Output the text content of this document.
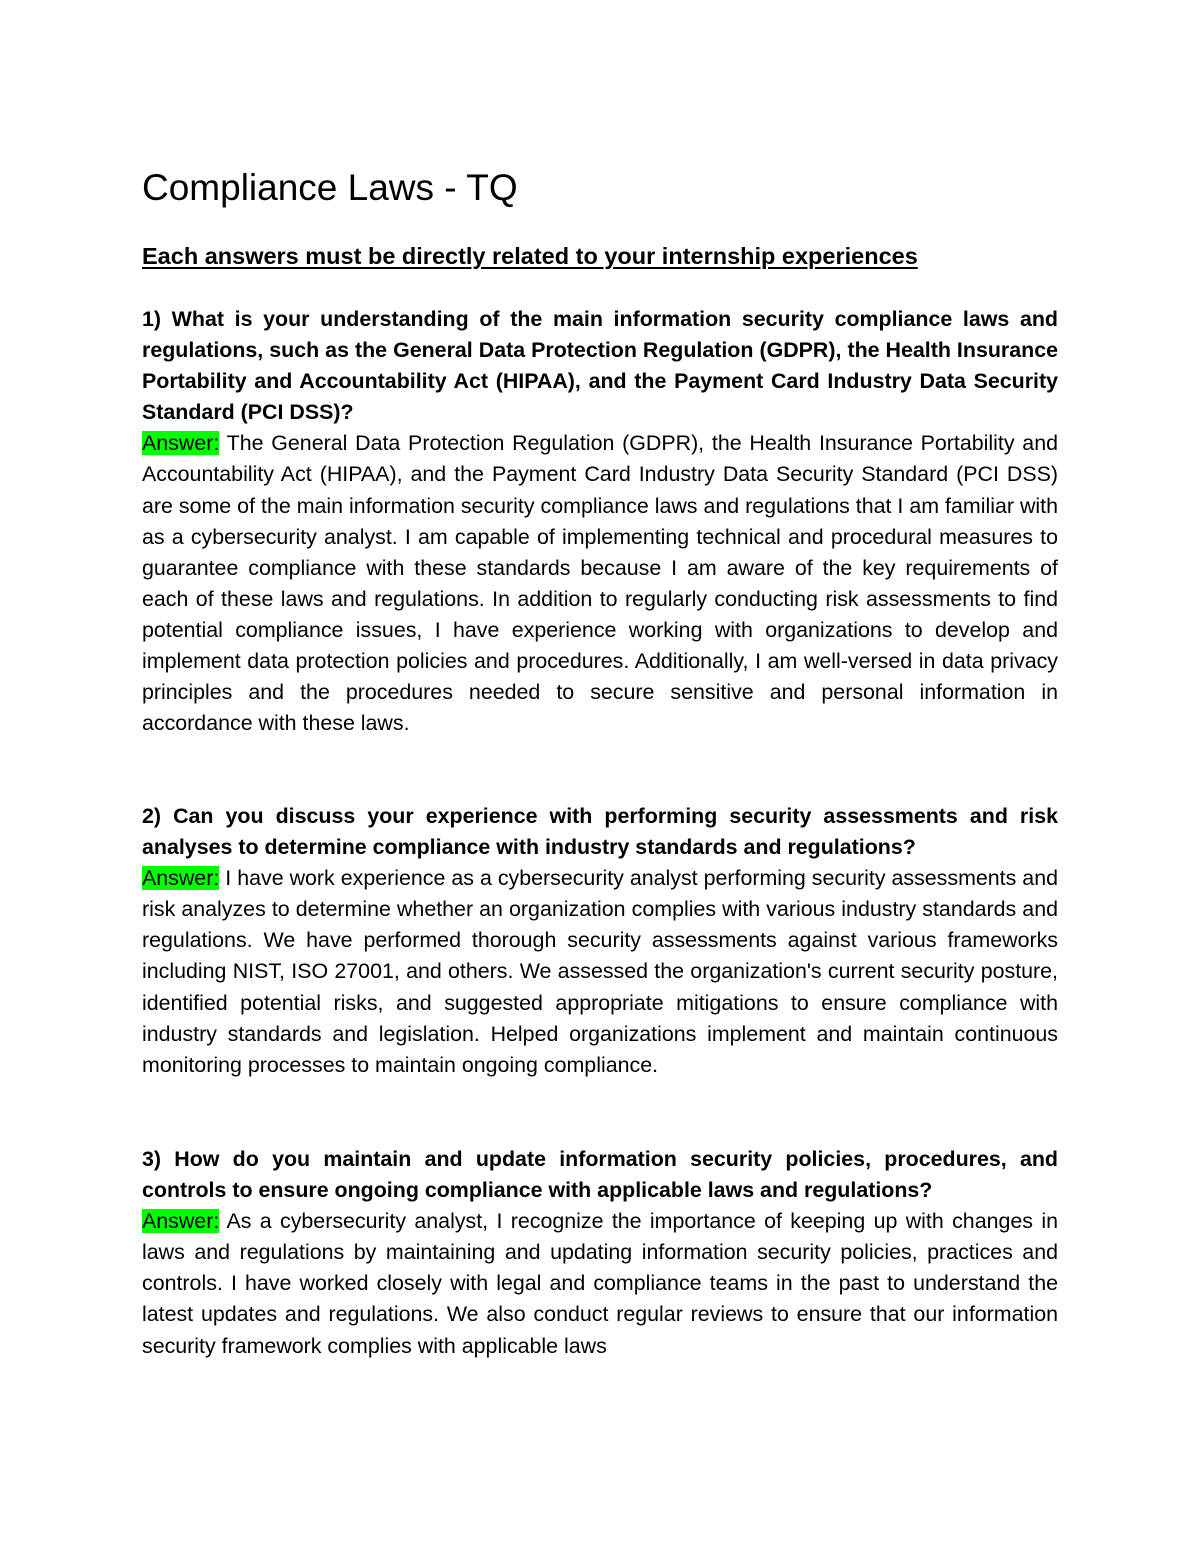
Compliance Laws - TQ
Each answers must be directly related to your internship experiences

1) What is your understanding of the main information security compliance laws and regulations, such as the General Data Protection Regulation (GDPR), the Health Insurance Portability and Accountability Act (HIPAA), and the Payment Card Industry Data Security Standard (PCI DSS)?

Answer: The General Data Protection Regulation (GDPR), the Health Insurance Portability and Accountability Act (HIPAA), and the Payment Card Industry Data Security Standard (PCI DSS) are some of the main information security compliance laws and regulations that I am familiar with as a cybersecurity analyst. I am capable of implementing technical and procedural measures to guarantee compliance with these standards because I am aware of the key requirements of each of these laws and regulations. In addition to regularly conducting risk assessments to find potential compliance issues, I have experience working with organizations to develop and implement data protection policies and procedures. Additionally, I am well-versed in data privacy principles and the procedures needed to secure sensitive and personal information in accordance with these laws.

2) Can you discuss your experience with performing security assessments and risk analyses to determine compliance with industry standards and regulations?

Answer: I have work experience as a cybersecurity analyst performing security assessments and risk analyzes to determine whether an organization complies with various industry standards and regulations. We have performed thorough security assessments against various frameworks including NIST, ISO 27001, and others. We assessed the organization's current security posture, identified potential risks, and suggested appropriate mitigations to ensure compliance with industry standards and legislation. Helped organizations implement and maintain continuous monitoring processes to maintain ongoing compliance.

3) How do you maintain and update information security policies, procedures, and controls to ensure ongoing compliance with applicable laws and regulations?

Answer: As a cybersecurity analyst, I recognize the importance of keeping up with changes in laws and regulations by maintaining and updating information security policies, practices and controls. I have worked closely with legal and compliance teams in the past to understand the latest updates and regulations. We also conduct regular reviews to ensure that our information security framework complies with applicable laws
